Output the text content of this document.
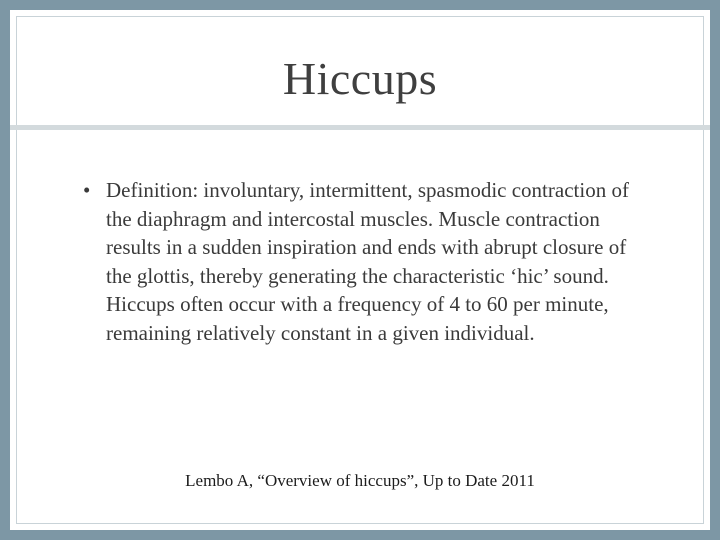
Hiccups
• Definition: involuntary, intermittent, spasmodic contraction of the diaphragm and intercostal muscles. Muscle contraction results in a sudden inspiration and ends with abrupt closure of the glottis, thereby generating the characteristic ‘hic’ sound. Hiccups often occur with a frequency of 4 to 60 per minute, remaining relatively constant in a given individual.
Lembo A, “Overview of hiccups”, Up to Date 2011
